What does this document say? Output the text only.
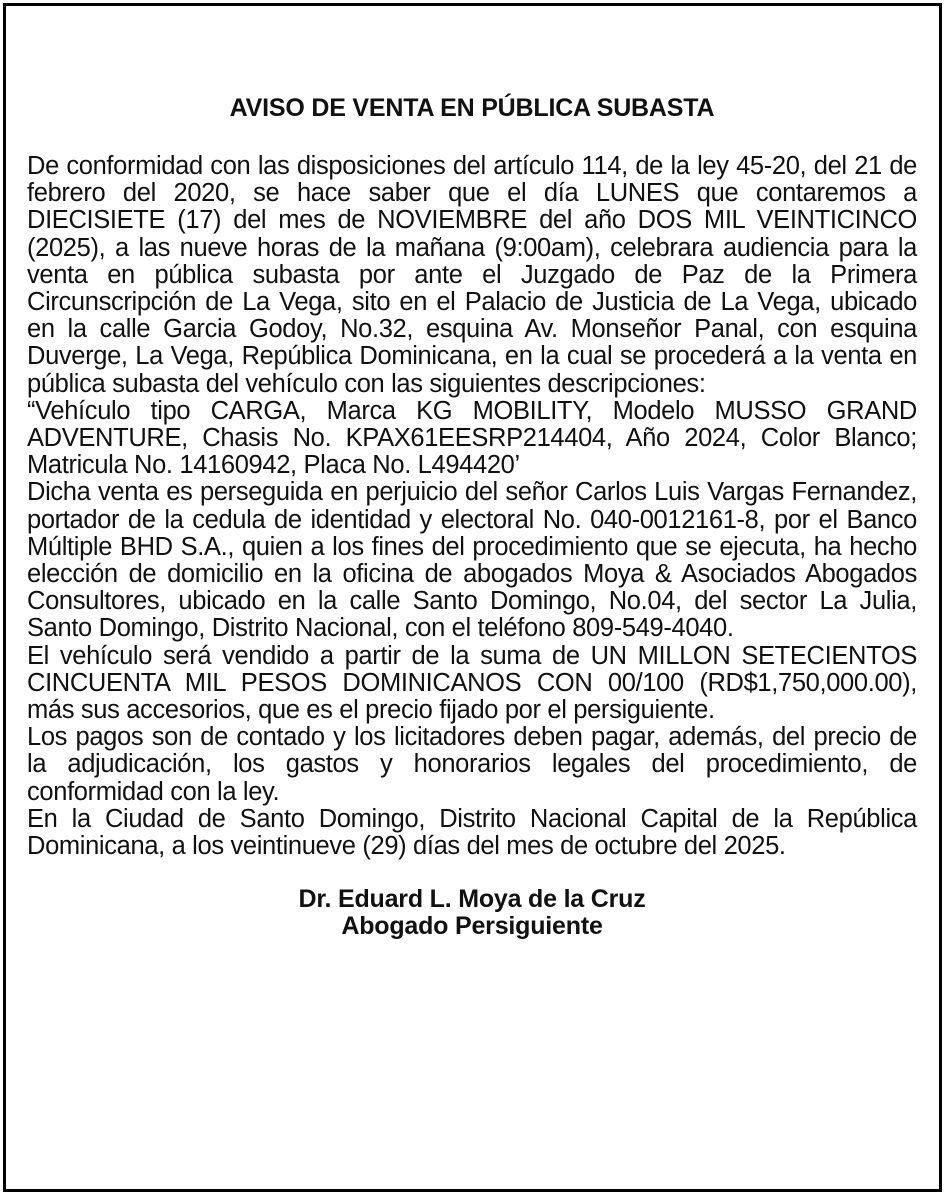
AVISO DE VENTA EN PÚBLICA SUBASTA

De conformidad con las disposiciones del artículo 114, de la ley 45-20, del 21 de febrero del 2020, se hace saber que el día LUNES que contaremos a DIECISIETE (17) del mes de NOVIEMBRE del año DOS MIL VEINTICINCO (2025), a las nueve horas de la mañana (9:00am), celebrara audiencia para la venta en pública subasta por ante el Juzgado de Paz de la Primera Circunscripción de La Vega, sito en el Palacio de Justicia de La Vega, ubicado en la calle Garcia Godoy, No.32, esquina Av. Monseñor Panal, con esquina Duverge, La Vega, República Dominicana, en la cual se procederá a la venta en pública subasta del vehículo con las siguientes descripciones:

“Vehículo tipo CARGA, Marca KG MOBILITY, Modelo MUSSO GRAND ADVENTURE, Chasis No. KPAX61EESRP214404, Año 2024, Color Blanco; Matricula No. 14160942, Placa No. L494420’

Dicha venta es perseguida en perjuicio del señor Carlos Luis Vargas Fernandez, portador de la cedula de identidad y electoral No. 040-0012161-8, por el Banco Múltiple BHD S.A., quien a los fines del procedimiento que se ejecuta, ha hecho elección de domicilio en la oficina de abogados Moya & Asociados Abogados Consultores, ubicado en la calle Santo Domingo, No.04, del sector La Julia, Santo Domingo, Distrito Nacional, con el teléfono 809-549-4040.

El vehículo será vendido a partir de la suma de UN MILLON SETECIENTOS CINCUENTA MIL PESOS DOMINICANOS CON 00/100 (RD$1,750,000.00), más sus accesorios, que es el precio fijado por el persiguiente.

Los pagos son de contado y los licitadores deben pagar, además, del precio de la adjudicación, los gastos y honorarios legales del procedimiento, de conformidad con la ley.

En la Ciudad de Santo Domingo, Distrito Nacional Capital de la República Dominicana, a los veintinueve (29) días del mes de octubre del 2025.

Dr. Eduard L. Moya de la Cruz
Abogado Persiguiente
